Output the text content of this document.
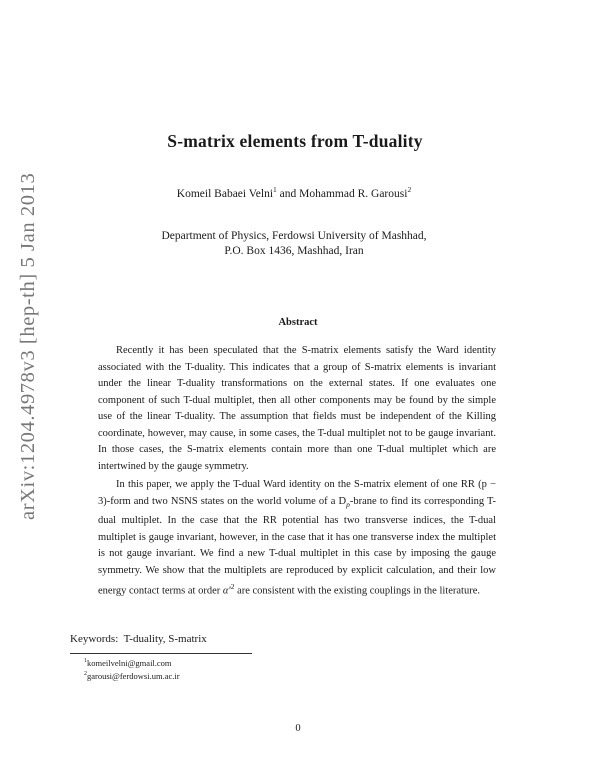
arXiv:1204.4978v3 [hep-th] 5 Jan 2013
S-matrix elements from T-duality
Komeil Babaei Velni$^1$ and Mohammad R. Garousi$^2$
Department of Physics, Ferdowsi University of Mashhad,
P.O. Box 1436, Mashhad, Iran
Abstract

Recently it has been speculated that the S-matrix elements satisfy the Ward identity associated with the T-duality. This indicates that a group of S-matrix elements is invariant under the linear T-duality transformations on the external states. If one evaluates one component of such T-dual multiplet, then all other components may be found by the simple use of the linear T-duality. The assumption that fields must be independent of the Killing coordinate, however, may cause, in some cases, the T-dual multiplet not to be gauge invariant. In those cases, the S-matrix elements contain more than one T-dual multiplet which are intertwined by the gauge symmetry.

In this paper, we apply the T-dual Ward identity on the S-matrix element of one RR (p − 3)-form and two NSNS states on the world volume of a $D_p$-brane to find its corresponding T-dual multiplet. In the case that the RR potential has two transverse indices, the T-dual multiplet is gauge invariant, however, in the case that it has one transverse index the multiplet is not gauge invariant. We find a new T-dual multiplet in this case by imposing the gauge symmetry. We show that the multiplets are reproduced by explicit calculation, and their low energy contact terms at order $\alpha'^2$ are consistent with the existing couplings in the literature.

Keywords:  T-duality, S-matrix
$^1$komeilvelni@gmail.com
$^2$garousi@ferdowsi.um.ac.ir
0
